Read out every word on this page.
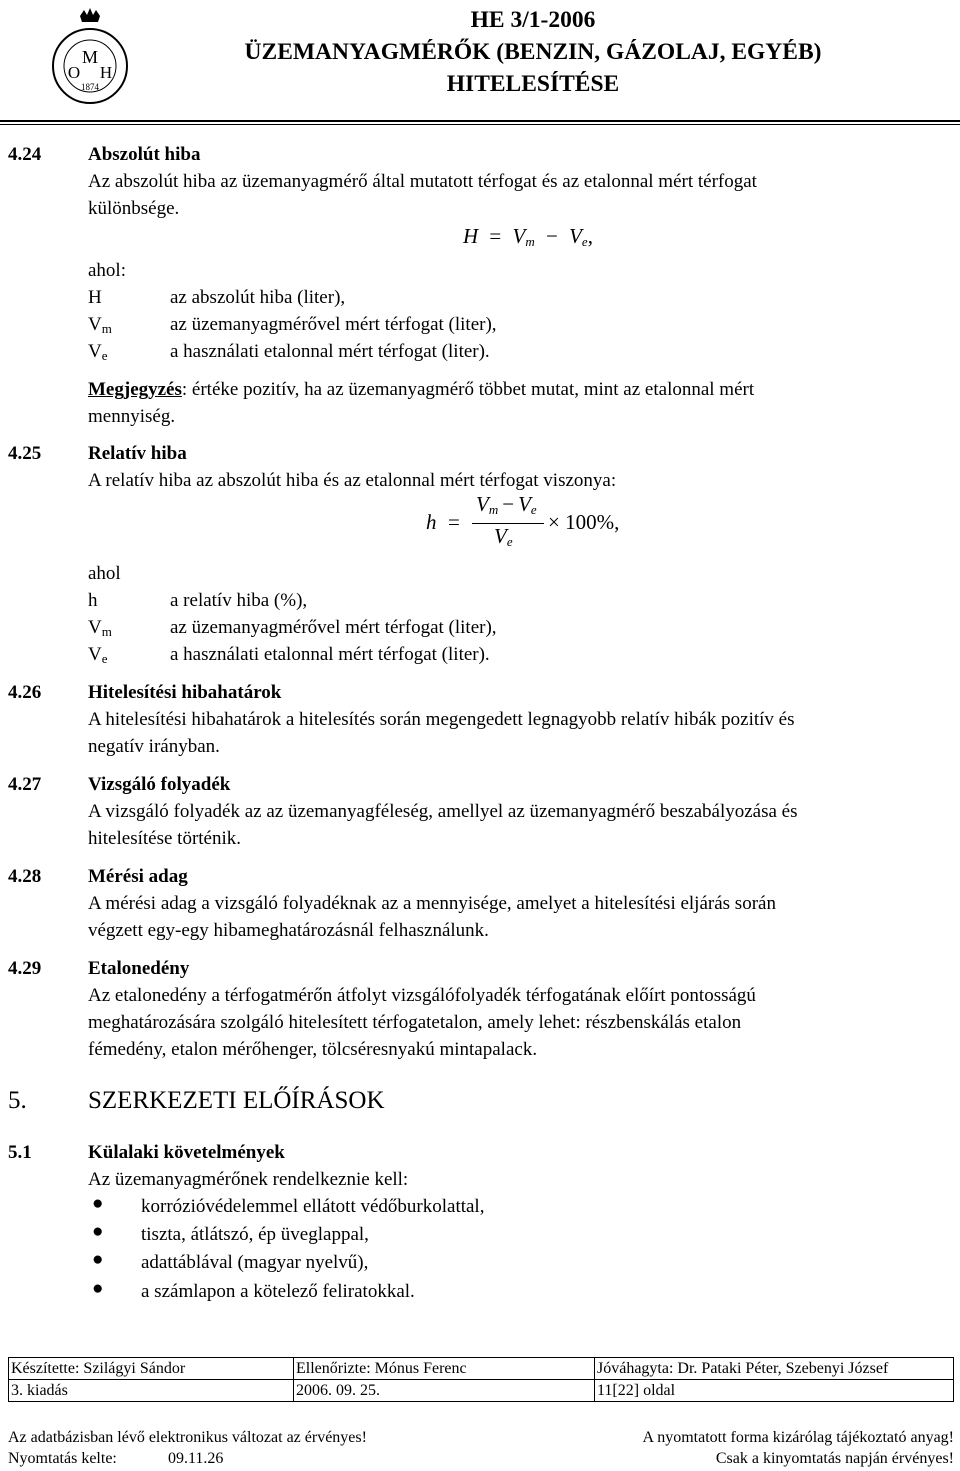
M
O H
1874
HE 3/1-2006
ÜZEMANYAGMÉRŐK (BENZIN, GÁZOLAJ, EGYÉB)
HITELESÍTÉSE
4.24 Abszolút hiba
Az abszolút hiba az üzemanyagmérő által mutatott térfogat és az etalonnal mért térfogat
különbsége.
$H = V_m - V_e$,
ahol:
H	az abszolút hiba (liter),
$V_m$	az üzemanyagmérővel mért térfogat (liter),
$V_e$	a használati etalonnal mért térfogat (liter).
Megjegyzés: értéke pozitív, ha az üzemanyagmérő többet mutat, mint az etalonnal mért
mennyiség.
4.25 Relatív hiba
A relatív hiba az abszolút hiba és az etalonnal mért térfogat viszonya:
h =
$V_m - V_e$
$V_e$
× 100%,
ahol
h	a relatív hiba (%),
$V_m$	az üzemanyagmérővel mért térfogat (liter),
$V_e$	a használati etalonnal mért térfogat (liter).
4.26 Hitelesítési hibahatárok
A hitelesítési hibahatárok a hitelesítés során megengedett legnagyobb relatív hibák pozitív és
negatív irányban.
4.27 Vizsgáló folyadék
A vizsgáló folyadék az az üzemanyagféleség, amellyel az üzemanyagmérő beszabályozása és
hitelesítése történik.
4.28 Mérési adag
A mérési adag a vizsgáló folyadéknak az a mennyisége, amelyet a hitelesítési eljárás során
végzett egy-egy hibameghatározásnál felhasználunk.
4.29 Etalonedény
Az etalonedény a térfogatmérőn átfolyt vizsgálófolyadék térfogatának előírt pontosságú
meghatározására szolgáló hitelesített térfogatetalon, amely lehet: részbenskálás etalon
fémedény, etalon mérőhenger, tölcséresnyakú mintapalack.
5. SZERKEZETI ELŐÍRÁSOK
5.1	Külalaki követelmények
Az üzemanyagmérőnek rendelkeznie kell:
● korrózióvédelemmel ellátott védőburkolattal,
● tiszta, átlátszó, ép üveglappal,
● adattáblával (magyar nyelvű),
● a számlapon a kötelező feliratokkal.
Készítette: Szilágyi Sándor	Ellenőrizte: Mónus Ferenc	Jóváhagyta: Dr. Pataki Péter, Szebenyi József
3. kiadás	2006. 09. 25.	11[22] oldal
Az adatbázisban lévő elektronikus változat az érvényes!	A nyomtatott forma kizárólag tájékoztató anyag!
Nyomtatás kelte:	09.11.26	Csak a kinyomtatás napján érvényes!
